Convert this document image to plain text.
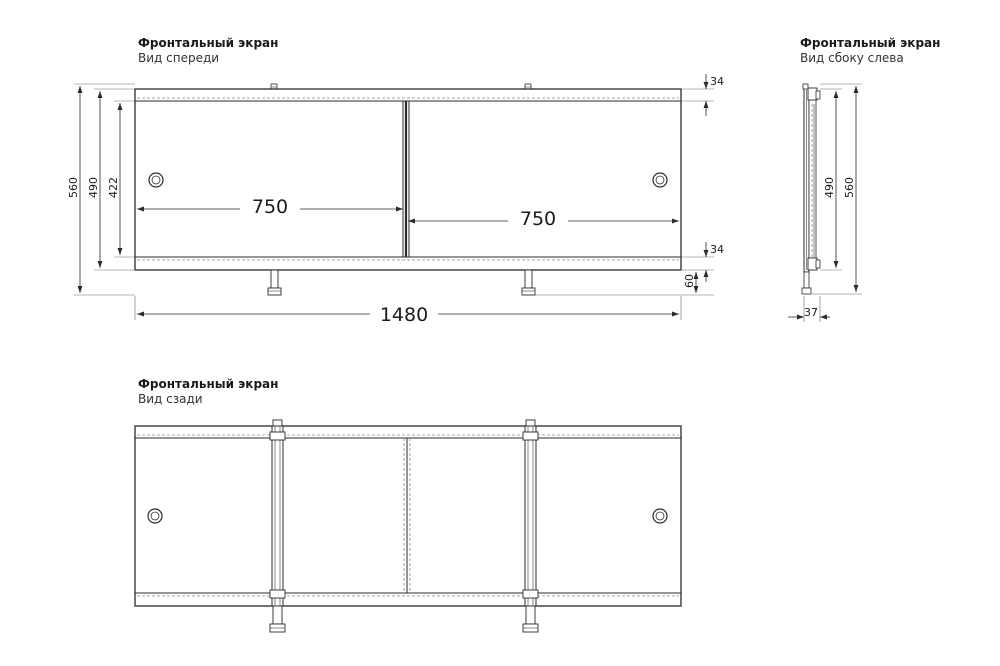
Фронтальный экран
Вид спереди
750
750
1480
34
34
60
560 490 422
Фронтальный экран
Вид сбоку слева
490 560
37
Фронтальный экран
Вид сзади
